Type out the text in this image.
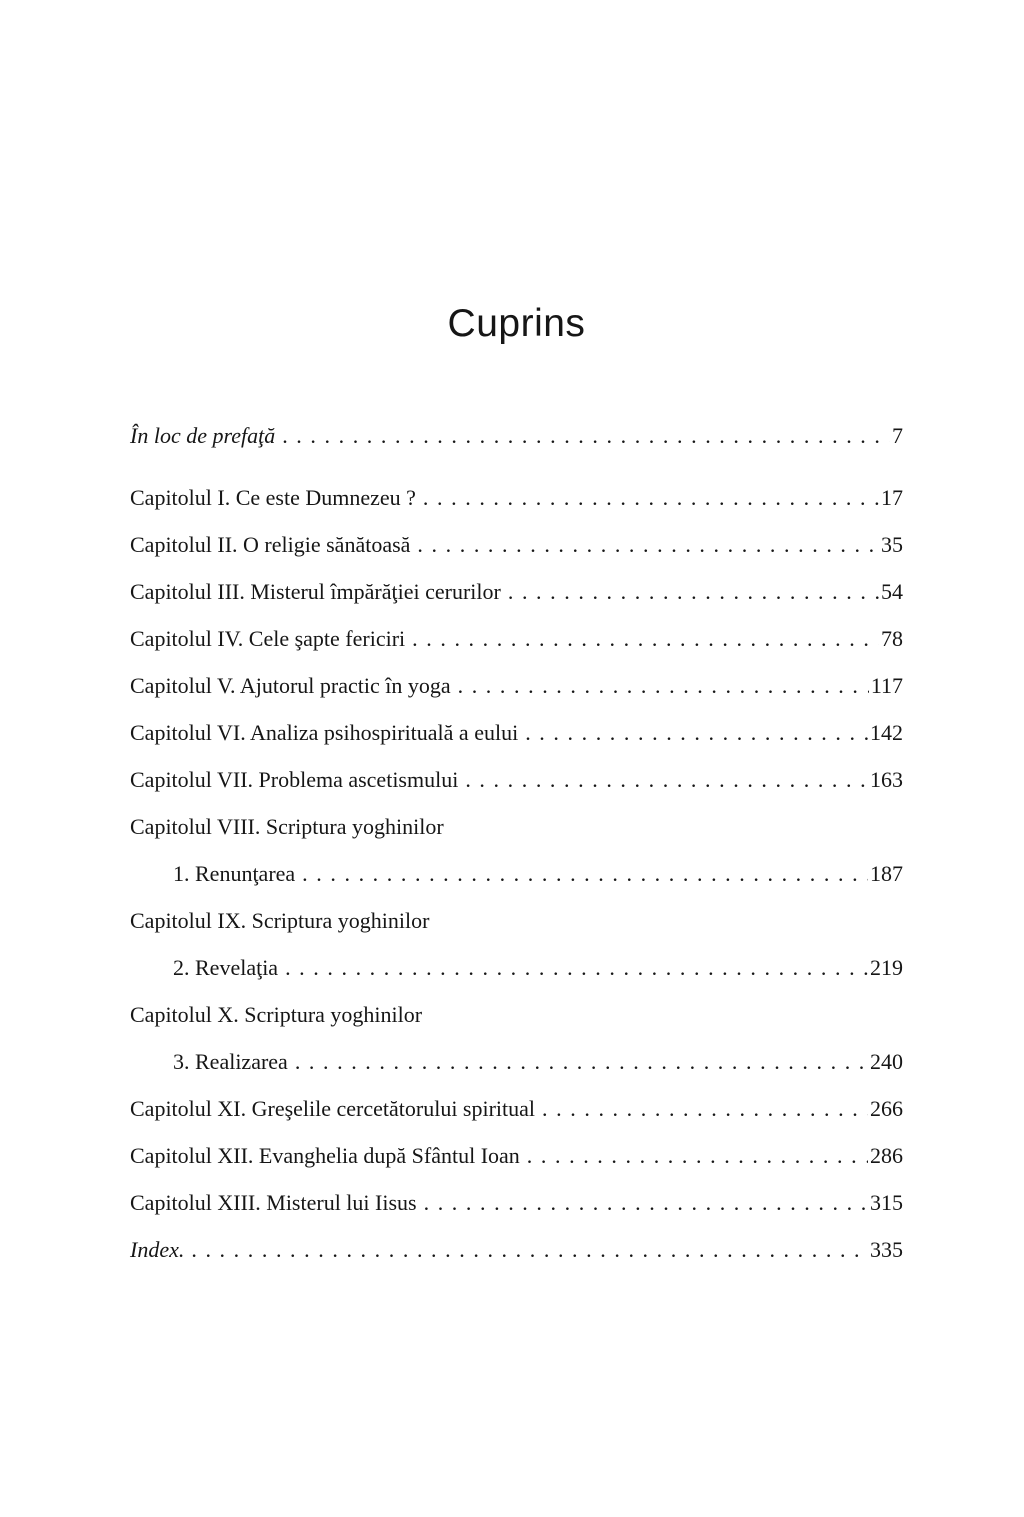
Cuprins
În loc de prefaţă .....	7
Capitolul I. Ce este Dumnezeu ? .....	17
Capitolul II. O religie sănătoasă .....	35
Capitolul III. Misterul împărăţiei cerurilor .....	54
Capitolul IV. Cele şapte fericiri .....	78
Capitolul V. Ajutorul practic în yoga .....	117
Capitolul VI. Analiza psihospirituală a eului .....	142
Capitolul VII. Problema ascetismului .....	163
Capitolul VIII. Scriptura yoghinilor
1. Renunţarea .....	187
Capitolul IX. Scriptura yoghinilor
2. Revelaţia .....	219
Capitolul X. Scriptura yoghinilor
3. Realizarea .....	240
Capitolul XI. Greşelile cercetătorului spiritual .....	266
Capitolul XII. Evanghelia după Sfântul Ioan .....	286
Capitolul XIII. Misterul lui Iisus .....	315
Index. .....	335
